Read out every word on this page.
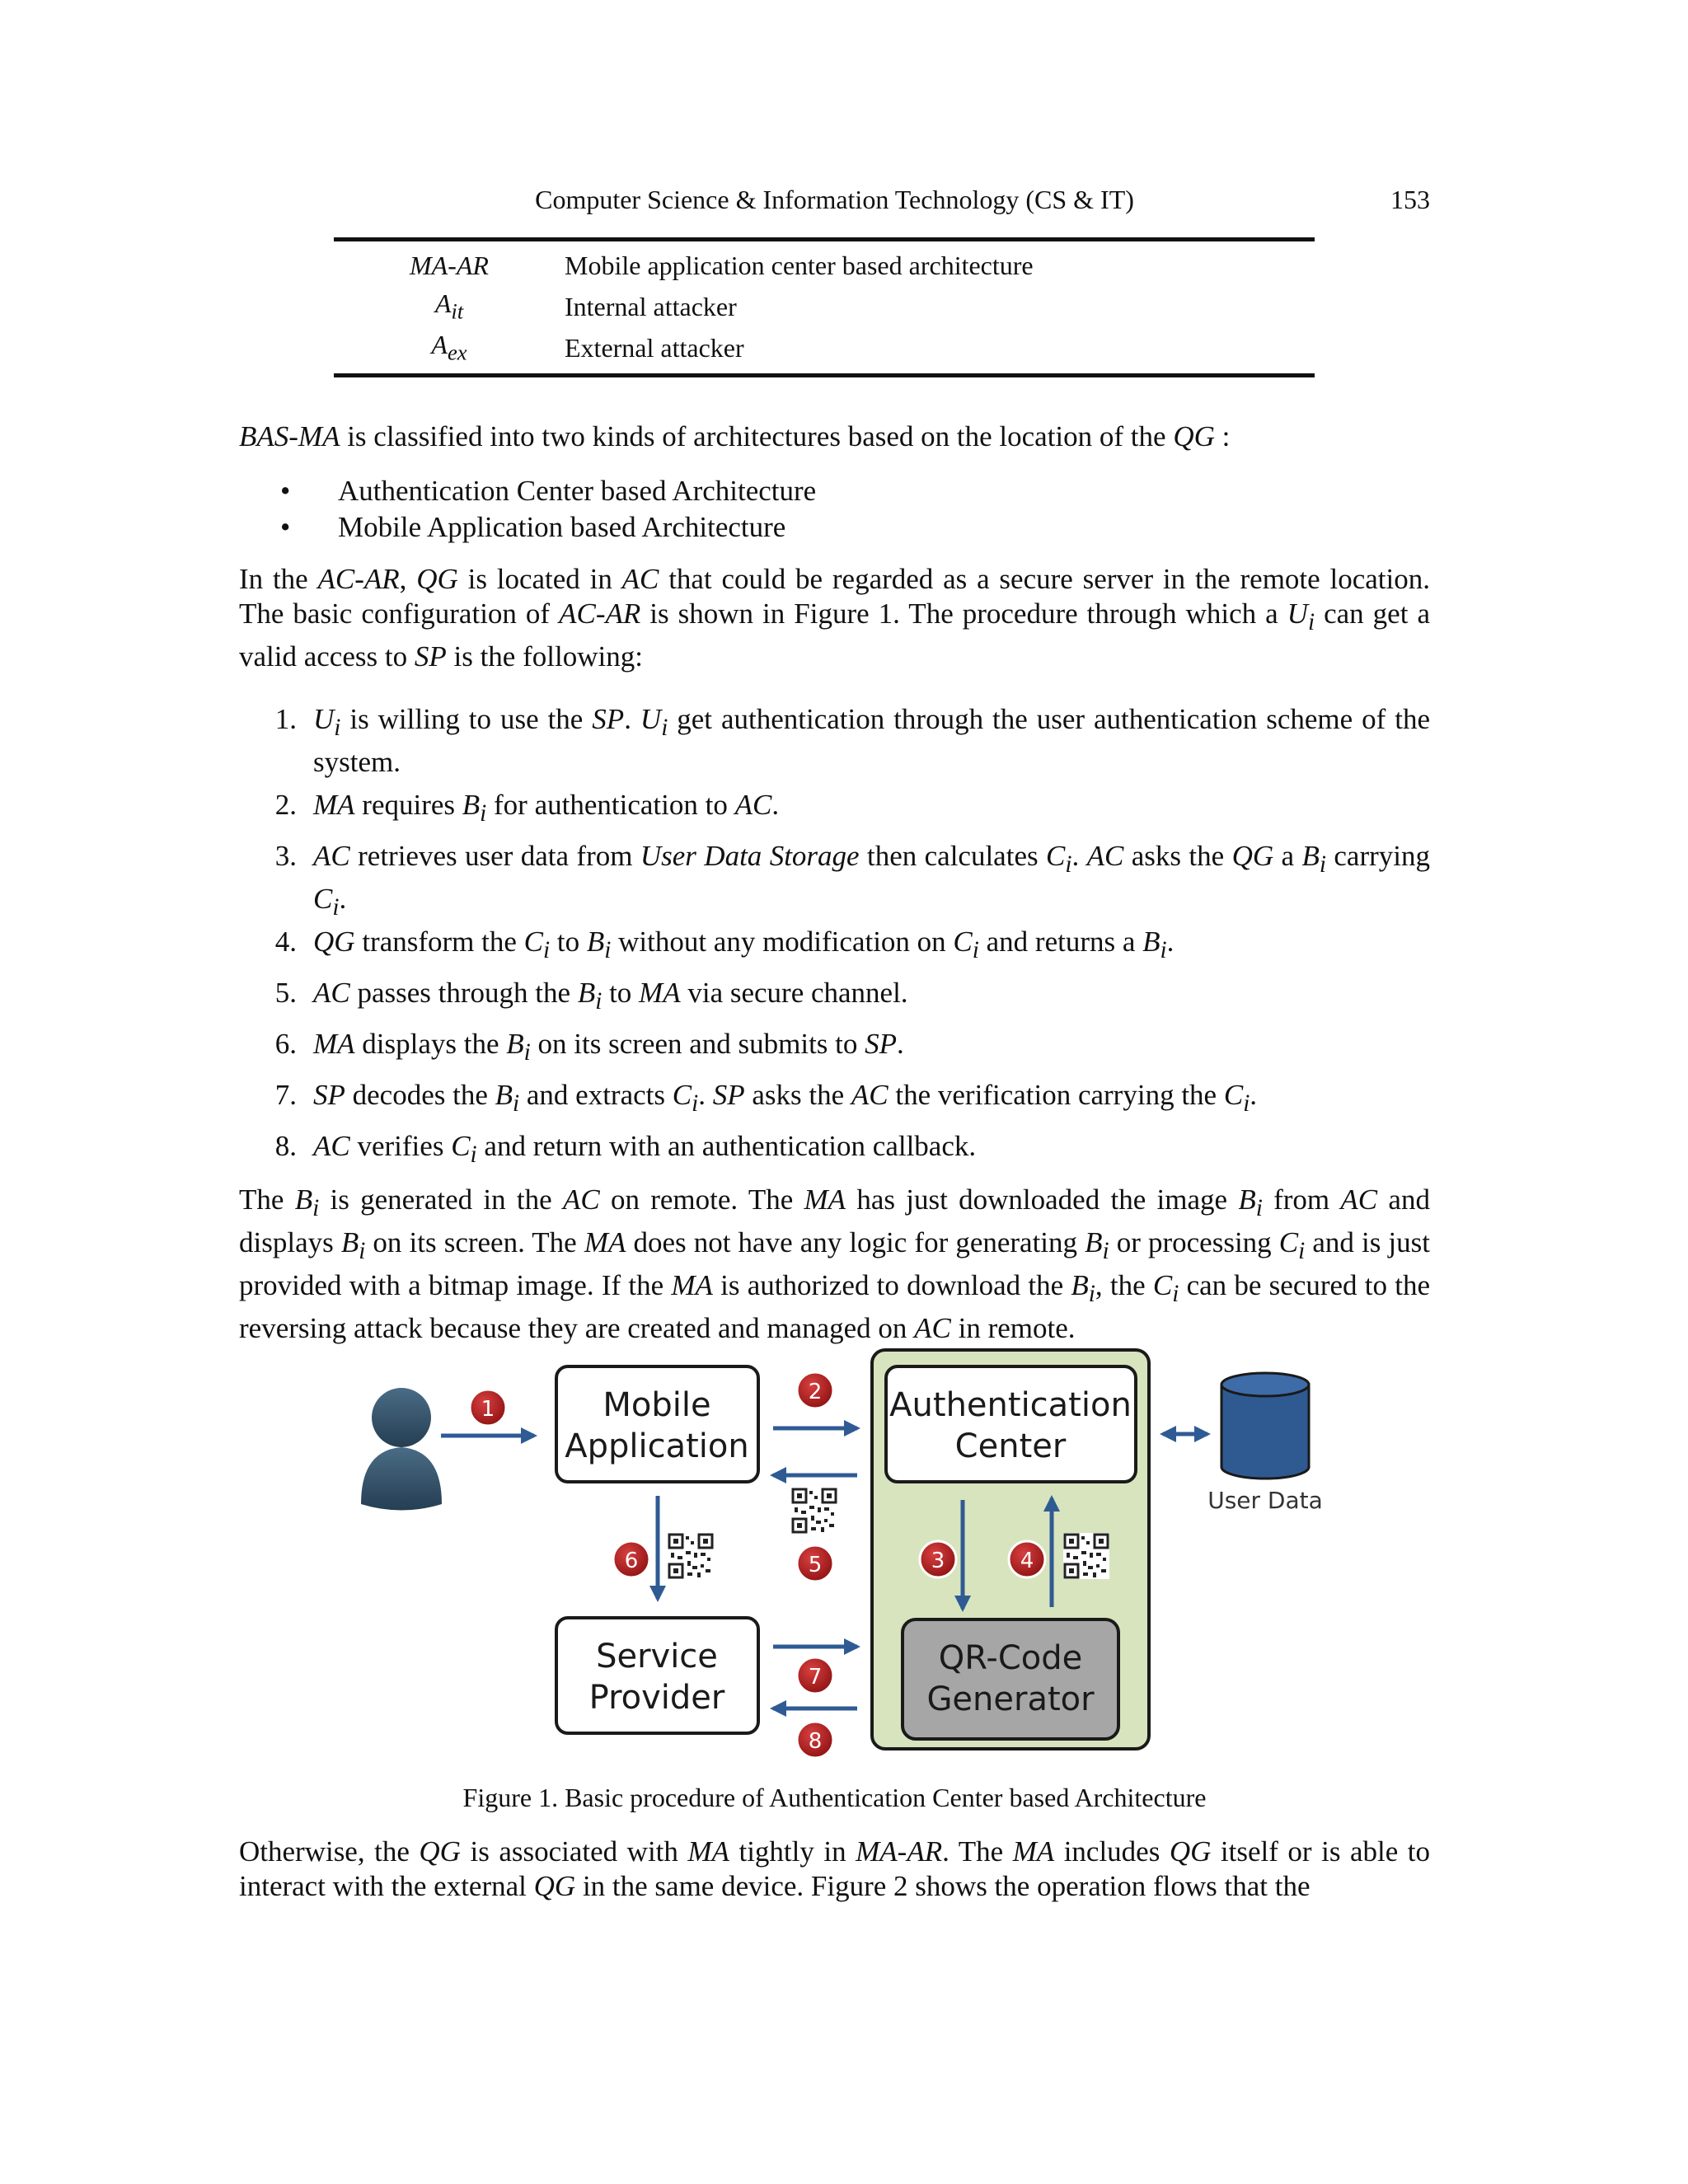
Computer Science & Information Technology (CS & IT)	153
MA-AR	Mobile application center based architecture
$A_{it}$	Internal attacker
$A_{ex}$	External attacker
BAS-MA is classified into two kinds of architectures based on the location of the QG :
•	Authentication Center based Architecture
•	Mobile Application based Architecture
In the AC-AR, QG is located in AC that could be regarded as a secure server in the remote location. The basic configuration of AC-AR is shown in Figure 1. The procedure through which a $U_i$ can get a valid access to SP is the following:
1. $U_i$ is willing to use the SP. $U_i$ get authentication through the user authentication scheme of the system.
2. MA requires $B_i$ for authentication to AC.
3. AC retrieves user data from User Data Storage then calculates $C_i$. AC asks the QG a $B_i$ carrying $C_i$.
4. QG transform the $C_i$ to $B_i$ without any modification on $C_i$ and returns a $B_i$.
5. AC passes through the $B_i$ to MA via secure channel.
6. MA displays the $B_i$ on its screen and submits to SP.
7. SP decodes the $B_i$ and extracts $C_i$. SP asks the AC the verification carrying the $C_i$.
8. AC verifies $C_i$ and return with an authentication callback.
The $B_i$ is generated in the AC on remote. The MA has just downloaded the image $B_i$ from AC and displays $B_i$ on its screen. The MA does not have any logic for generating $B_i$ or processing $C_i$ and is just provided with a bitmap image. If the MA is authorized to download the $B_i$, the $C_i$ can be secured to the reversing attack because they are created and managed on AC in remote.
Mobile
Application
Authentication
Center
Service
Provider
QR-Code
Generator
User Data
1
2
3	4
5
6
7
8
Figure 1. Basic procedure of Authentication Center based Architecture
Otherwise, the QG is associated with MA tightly in MA-AR. The MA includes QG itself or is able to interact with the external QG in the same device. Figure 2 shows the operation flows that the
